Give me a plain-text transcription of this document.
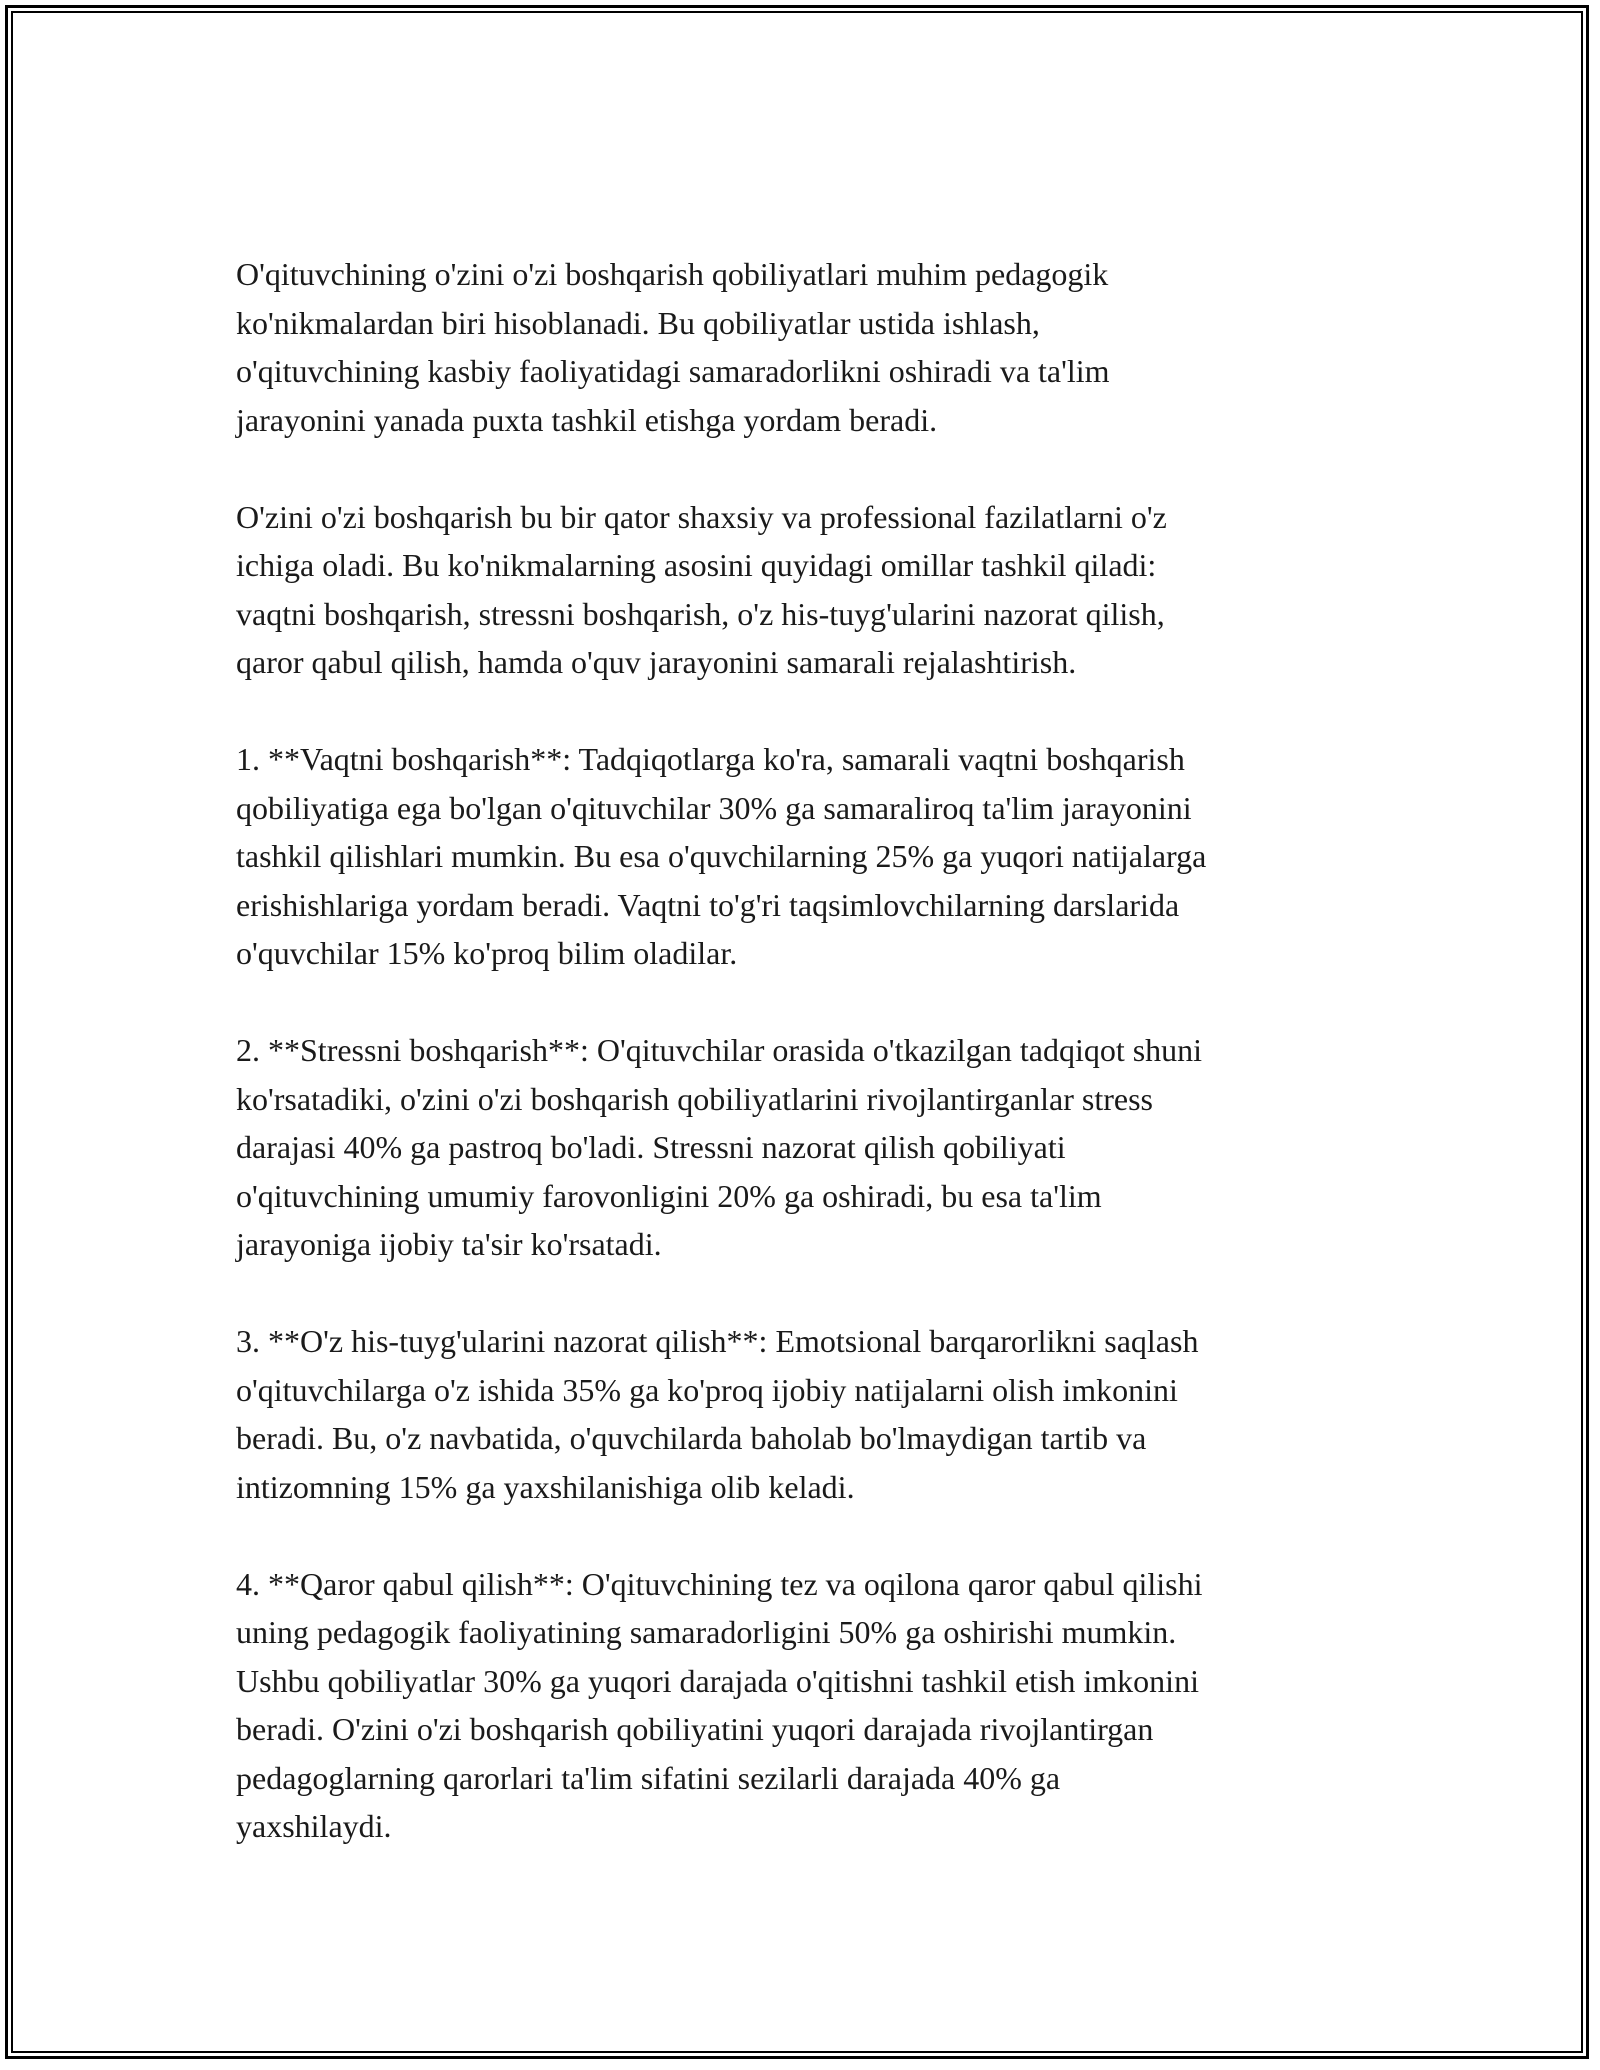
O'qituvchining o'zini o'zi boshqarish qobiliyatlari muhim pedagogik
ko'nikmalardan biri hisoblanadi. Bu qobiliyatlar ustida ishlash,
o'qituvchining kasbiy faoliyatidagi samaradorlikni oshiradi va ta'lim
jarayonini yanada puxta tashkil etishga yordam beradi.

O'zini o'zi boshqarish bu bir qator shaxsiy va professional fazilatlarni o'z
ichiga oladi. Bu ko'nikmalarning asosini quyidagi omillar tashkil qiladi:
vaqtni boshqarish, stressni boshqarish, o'z his-tuyg'ularini nazorat qilish,
qaror qabul qilish, hamda o'quv jarayonini samarali rejalashtirish.

1. **Vaqtni boshqarish**: Tadqiqotlarga ko'ra, samarali vaqtni boshqarish
qobiliyatiga ega bo'lgan o'qituvchilar 30% ga samaraliroq ta'lim jarayonini
tashkil qilishlari mumkin. Bu esa o'quvchilarning 25% ga yuqori natijalarga
erishishlariga yordam beradi. Vaqtni to'g'ri taqsimlovchilarning darslarida
o'quvchilar 15% ko'proq bilim oladilar.

2. **Stressni boshqarish**: O'qituvchilar orasida o'tkazilgan tadqiqot shuni
ko'rsatadiki, o'zini o'zi boshqarish qobiliyatlarini rivojlantirganlar stress
darajasi 40% ga pastroq bo'ladi. Stressni nazorat qilish qobiliyati
o'qituvchining umumiy farovonligini 20% ga oshiradi, bu esa ta'lim
jarayoniga ijobiy ta'sir ko'rsatadi.

3. **O'z his-tuyg'ularini nazorat qilish**: Emotsional barqarorlikni saqlash
o'qituvchilarga o'z ishida 35% ga ko'proq ijobiy natijalarni olish imkonini
beradi. Bu, o'z navbatida, o'quvchilarda baholab bo'lmaydigan tartib va
intizomning 15% ga yaxshilanishiga olib keladi.

4. **Qaror qabul qilish**: O'qituvchining tez va oqilona qaror qabul qilishi
uning pedagogik faoliyatining samaradorligini 50% ga oshirishi mumkin.
Ushbu qobiliyatlar 30% ga yuqori darajada o'qitishni tashkil etish imkonini
beradi. O'zini o'zi boshqarish qobiliyatini yuqori darajada rivojlantirgan
pedagoglarning qarorlari ta'lim sifatini sezilarli darajada 40% ga
yaxshilaydi.
